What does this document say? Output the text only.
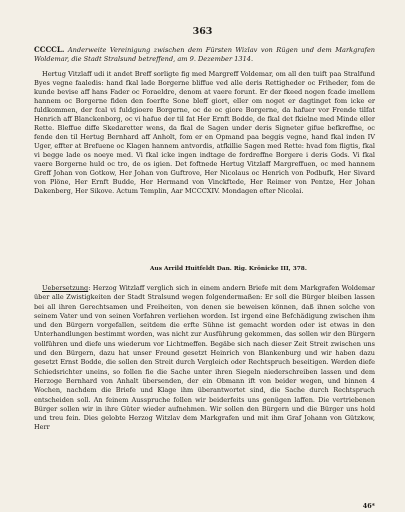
363
CCCCL. Anderweite Vereinigung zwischen dem Fürsten Wizlav von Rügen und dem Markgrafen Woldemar, die Stadt Stralsund betreffend, am 9. Dezember 1314.
Hertug Vitzlaff udi it andet Breff sorligte fig med Margreff Voldemar, om all den tuift paa Stralfund Byes vegne faaledis: hand fkal lade Borgerne bliffue ved alle deris Rettigheder oc Friheder, fom de kunde bevise aff hans Fader oc Foraeldre, denom at vaere forunt. Er der fkeed nogen fcade imellem hannem oc Borgerne fiden den foerfte Sone bleff giort, eller om noget er dagtinget fom icke er fuldkommen, der fcal vi fuldgioere Borgerne, oc de oc giore Borgerne, da hafuer vor Frende tilfat Henrich aff Blanckenborg, oc vi hafue der til fat Her Ernft Bodde, de fkal det fkielne med Minde eller Rette. Bleffue diffe Skedaretter wens, da fkal de Sagen under deris Signeter gifue befkreffne, oc fende den til Hertug Bernhard aff Anholt, fom er en Opmand paa beggis vegne, hand fkal inden IV Uger, effter at Brefuene oc Klagen hannem antvordis, atfkillie Sagen med Rette: hvad fom fligtis, fkal vi begge lade os noeye med. Vi fkal icke ingen indtage de fordreffne Borgere i deris Gods. Vi fkal vaere Borgerne huld oc tro, de os igien. Det foftnede Hertug Vitzlaff Margreffuen, oc med hannem Greff Johan von Gotkow, Her Johan von Guftrove, Her Nicolaus oc Henrich von Podbufk, Her Sivard von Plöne, Her Ernft Budde, Her Hermand von Vinckftede, Her Reimer von Pentze, Her Johan Dakenberg, Her Sikove. Actum Templin, Aar MCCCXIV. Mondagen efter Nicolai.
Aus Arrild Huitfeldt Dan. Rig. Krönicke III, 378.
Uebersetzung: Herzog Witzlaff verglich sich in einem andern Briefe mit dem Markgrafen Woldemar über alle Zwistigkeiten der Stadt Stralsund wegen folgendermaßen: Er soll die Bürger bleiben lassen bei all ihren Gerechtsamen und Freiheiten, von denen sie beweisen können, daß ihnen solche von seinem Vater und von seinen Vorfahren verliehen worden. Ist irgend eine Befchädigung zwischen ihm und den Bürgern vorgefallen, seitdem die erfte Sühne ist gemacht worden oder ist etwas in den Unterhandlungen bestimmt worden, was nicht zur Ausführung gekommen, das sollen wir den Bürgern vollführen und diefe uns wiederum vor Lichtmeffen. Begäbe sich nach dieser Zeit Streit zwischen uns und den Bürgern, dazu hat unser Freund gesetzt Heinrich von Blankenburg und wir haben dazu gesetzt Ernst Bodde, die sollen den Streit durch Vergleich oder Rechtspruch beseitigen. Werden diefe Schiedsrichter uneins, so follen fie die Sache unter ihren Siegeln niederschreiben lassen und dem Herzoge Bernhard von Anhalt übersenden, der ein Obmann ift von beider wegen, und binnen 4 Wochen, nachdem die Briefe und Klage ihm überantwortet sind, die Sache durch Rechtspruch entscheiden soll. An feinem Ausspruche follen wir beiderfeits uns genügen laffen. Die vertriebenen Bürger sollen wir in ihre Güter wieder aufnehmen. Wir sollen den Bürgern und die Bürger uns hold und treu fein. Dies gelobte Herzog Witzlav dem Markgrafen und mit ihm Graf Johann von Gützkow, Herr
46*
